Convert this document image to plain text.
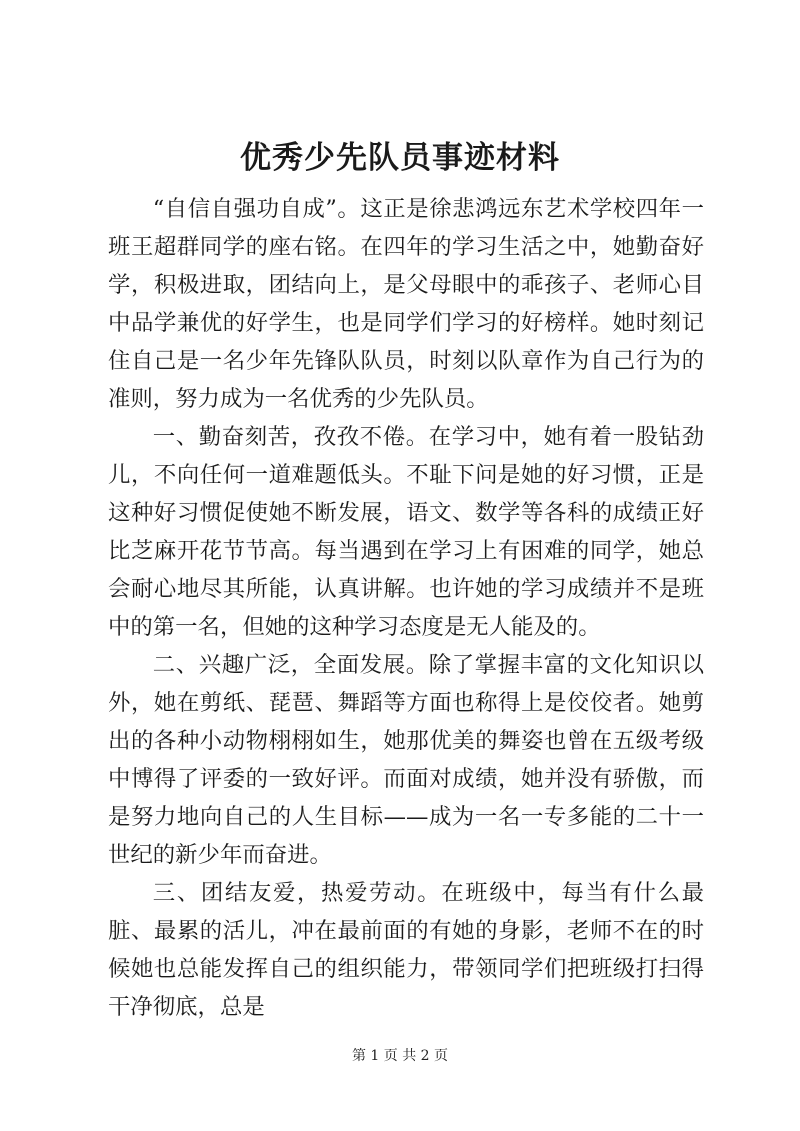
优秀少先队员事迹材料

“自信自强功自成”。这正是徐悲鸿远东艺术学校四年一班王超群同学的座右铭。在四年的学习生活之中，她勤奋好学，积极进取，团结向上，是父母眼中的乖孩子、老师心目中品学兼优的好学生，也是同学们学习的好榜样。她时刻记住自己是一名少年先锋队队员，时刻以队章作为自己行为的准则，努力成为一名优秀的少先队员。

一、勤奋刻苦，孜孜不倦。在学习中，她有着一股钻劲儿，不向任何一道难题低头。不耻下问是她的好习惯，正是这种好习惯促使她不断发展，语文、数学等各科的成绩正好比芝麻开花节节高。每当遇到在学习上有困难的同学，她总会耐心地尽其所能，认真讲解。也许她的学习成绩并不是班中的第一名，但她的这种学习态度是无人能及的。

二、兴趣广泛，全面发展。除了掌握丰富的文化知识以外，她在剪纸、琵琶、舞蹈等方面也称得上是佼佼者。她剪出的各种小动物栩栩如生，她那优美的舞姿也曾在五级考级中博得了评委的一致好评。而面对成绩，她并没有骄傲，而是努力地向自己的人生目标——成为一名一专多能的二十一世纪的新少年而奋进。

三、团结友爱，热爱劳动。在班级中，每当有什么最脏、最累的活儿，冲在最前面的有她的身影，老师不在的时候她也总能发挥自己的组织能力，带领同学们把班级打扫得干净彻底，总是

第 1 页 共 2 页
